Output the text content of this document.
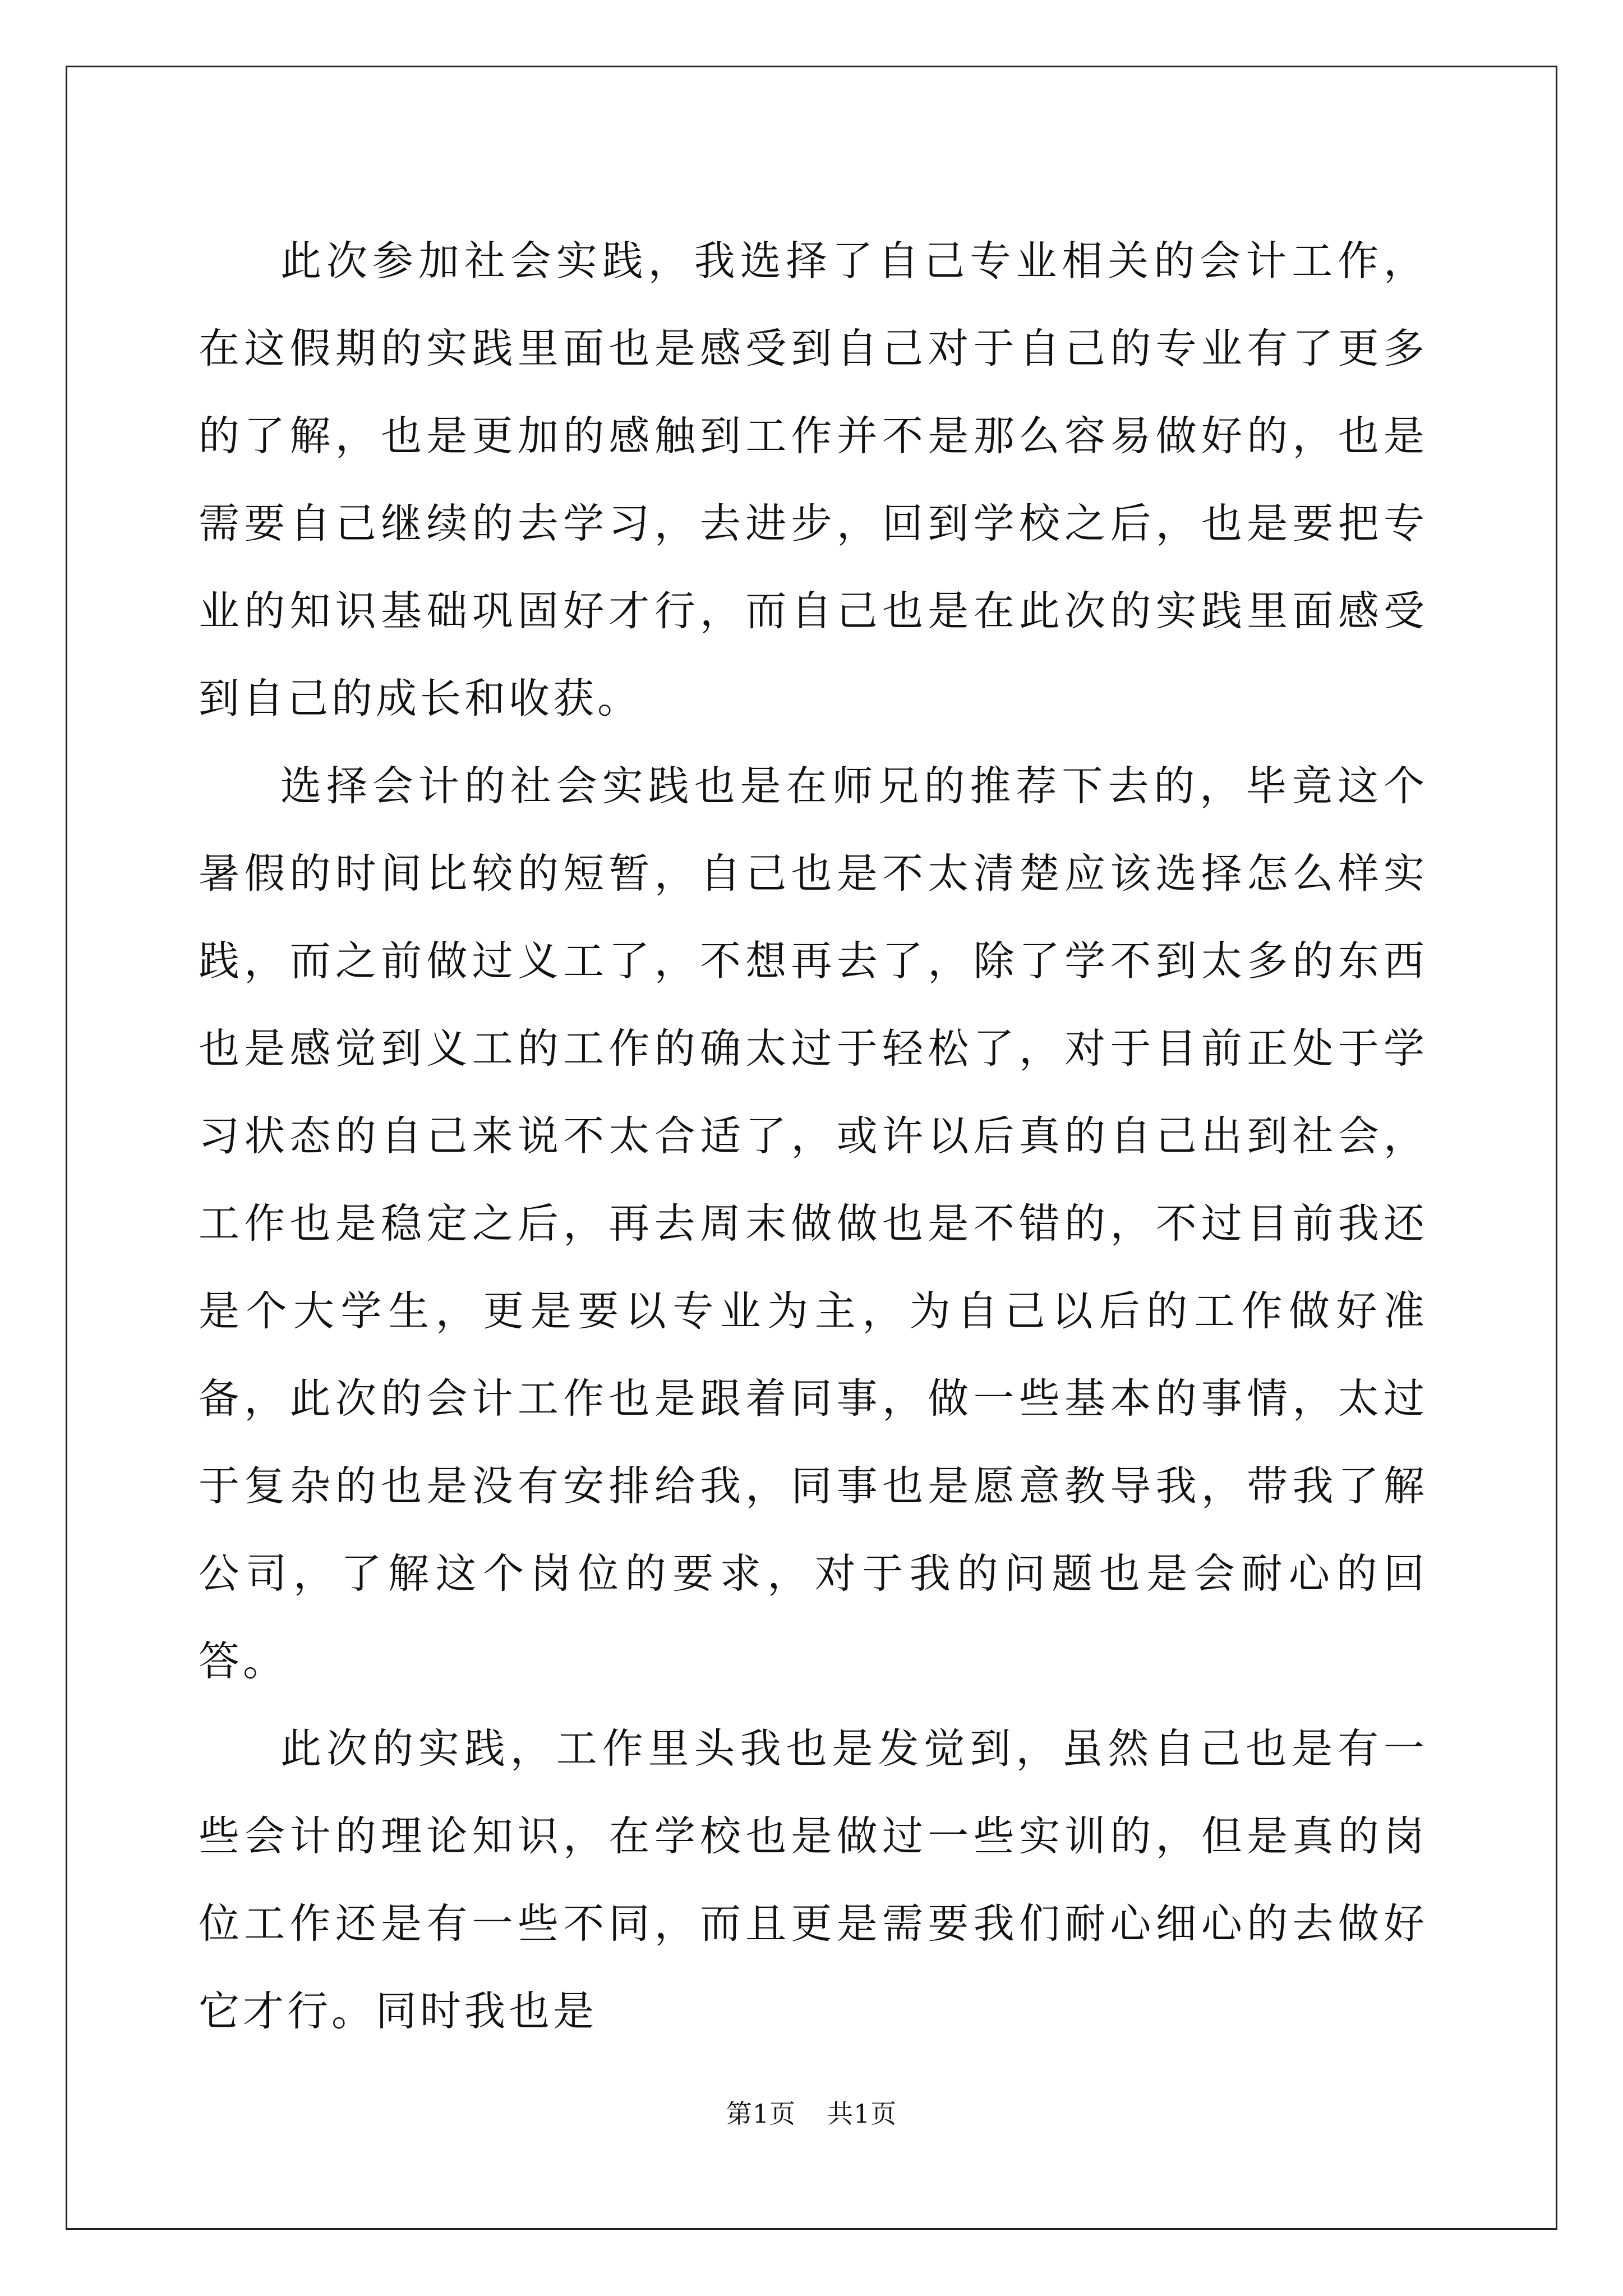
此次参加社会实践，我选择了自己专业相关的会计工作，在这假期的实践里面也是感受到自己对于自己的专业有了更多的了解，也是更加的感触到工作并不是那么容易做好的，也是需要自己继续的去学习，去进步，回到学校之后，也是要把专业的知识基础巩固好才行，而自己也是在此次的实践里面感受到自己的成长和收获。

选择会计的社会实践也是在师兄的推荐下去的，毕竟这个暑假的时间比较的短暂，自己也是不太清楚应该选择怎么样实践，而之前做过义工了，不想再去了，除了学不到太多的东西也是感觉到义工的工作的确太过于轻松了，对于目前正处于学习状态的自己来说不太合适了，或许以后真的自己出到社会，工作也是稳定之后，再去周末做做也是不错的，不过目前我还是个大学生，更是要以专业为主，为自己以后的工作做好准备，此次的会计工作也是跟着同事，做一些基本的事情，太过于复杂的也是没有安排给我，同事也是愿意教导我，带我了解公司，了解这个岗位的要求，对于我的问题也是会耐心的回答。

此次的实践，工作里头我也是发觉到，虽然自己也是有一些会计的理论知识，在学校也是做过一些实训的，但是真的岗位工作还是有一些不同，而且更是需要我们耐心细心的去做好它才行。同时我也是

第1页 共1页
